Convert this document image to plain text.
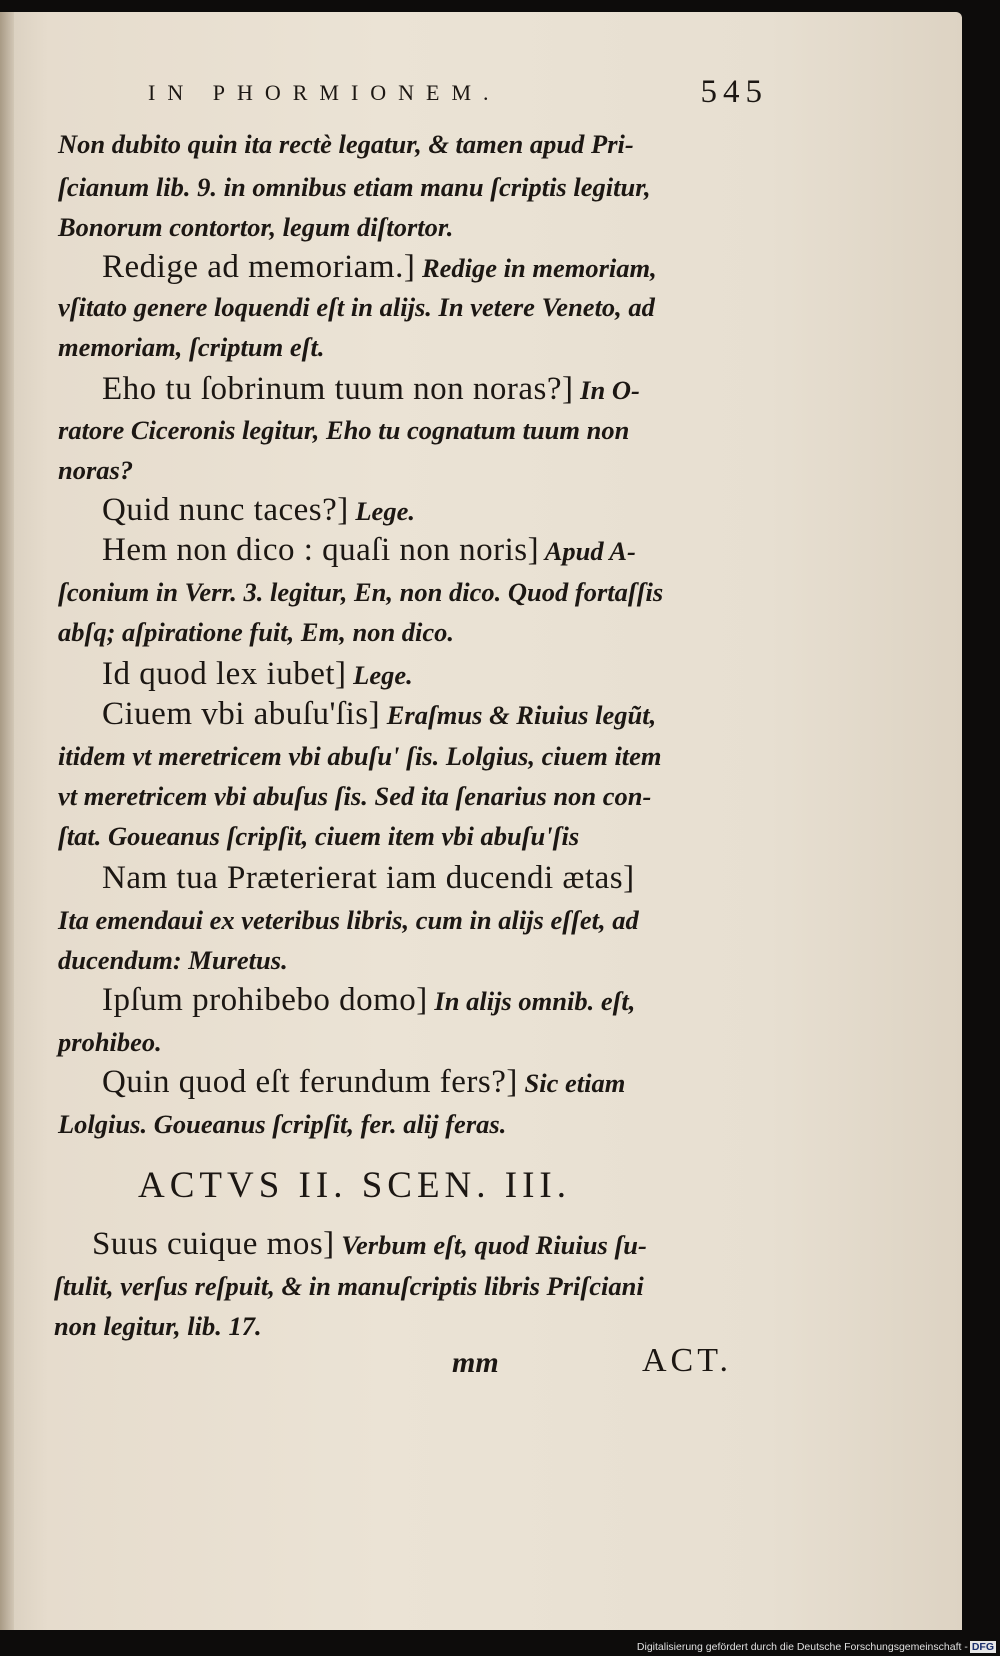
IN PHORMIONEM.	545
Non dubito quin ita rectè legatur, & tamen apud Pri-
ſcianum lib. 9. in omnibus etiam manu ſcriptis legitur,
Bonorum contortor, legum diſtortor.
Redige ad memoriam.] Redige in memoriam,
vſitato genere loquendi eſt in alijs. In vetere Veneto, ad
memoriam, ſcriptum eſt.
Eho tu ſobrinum tuum non noras?] In O-
ratore Ciceronis legitur, Eho tu cognatum tuum non
noras?
Quid nunc taces?] Lege.
Hem non dico : quaſi non noris] Apud A-
ſconium in Verr. 3. legitur, En, non dico. Quod fortaſſis
abſq; aſpiratione fuit, Em, non dico.
Id quod lex iubet] Lege.
Ciuem vbi abuſu'ſis] Eraſmus & Riuius legũt,
itidem vt meretricem vbi abuſu' ſis. Lolgius, ciuem item
vt meretricem vbi abuſus ſis. Sed ita ſenarius non con-
ſtat. Goueanus ſcripſit, ciuem item vbi abuſu'ſis
Nam tua Præterierat iam ducendi ætas]
Ita emendaui ex veteribus libris, cum in alijs eſſet, ad
ducendum: Muretus.
Ipſum prohibebo domo] In alijs omnib. eſt,
prohibeo.
Quin quod eſt ferundum fers?] Sic etiam
Lolgius. Goueanus ſcripſit, fer. alij feras.
ACTVS II. SCEN. III.
Suus cuique mos] Verbum eſt, quod Riuius ſu-
ſtulit, verſus reſpuit, & in manuſcriptis libris Priſciani
non legitur, lib. 17.
mm	ACT.
Digitalisierung gefördert durch die Deutsche Forschungsgemeinschaft - DFG
